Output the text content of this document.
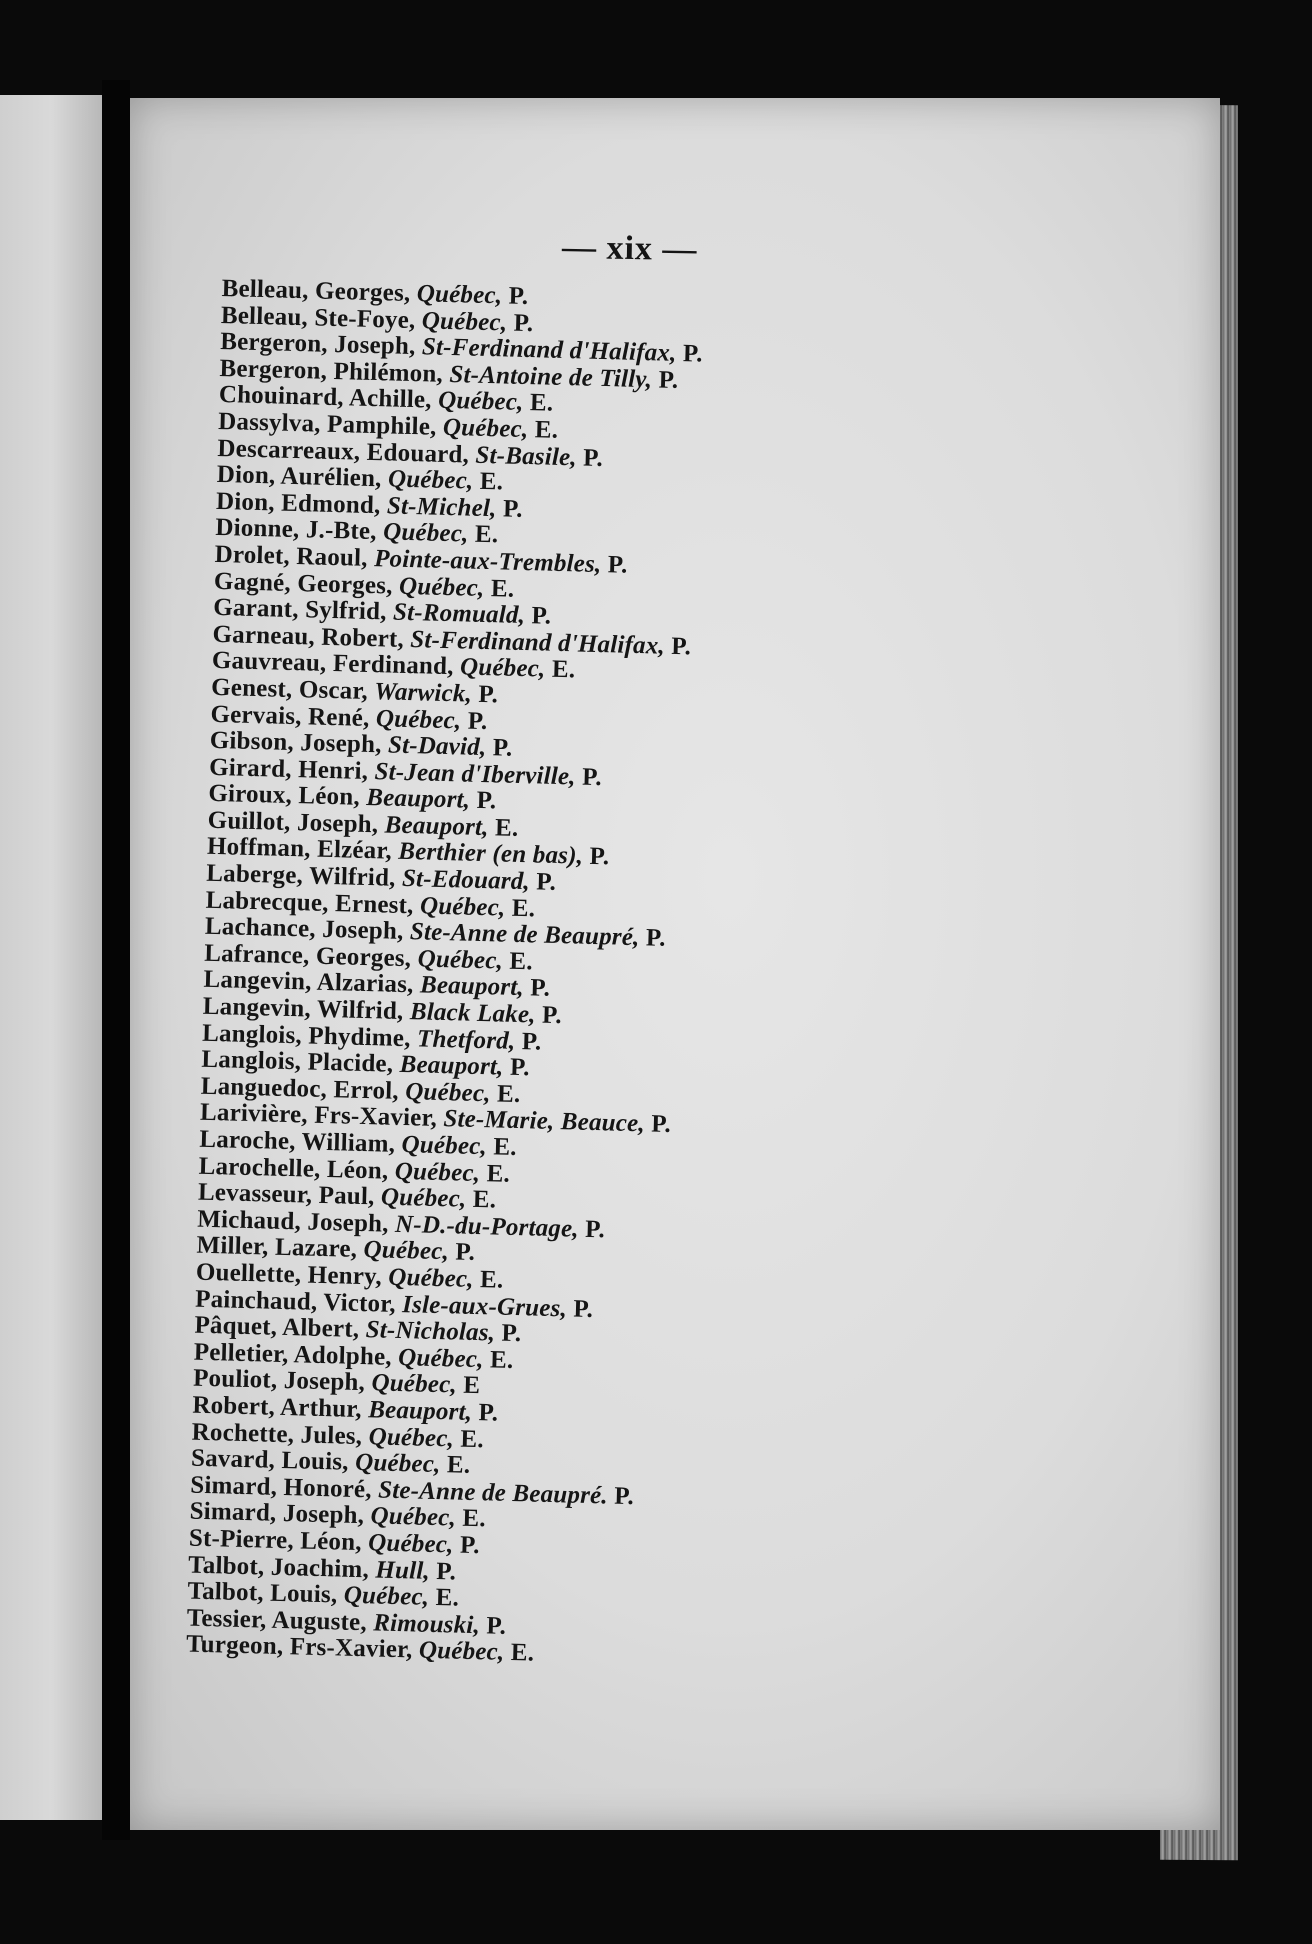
— xix —
Belleau, Georges, Québec, P.
Belleau, Ste-Foye, Québec, P.
Bergeron, Joseph, St-Ferdinand d'Halifax, P.
Bergeron, Philémon, St-Antoine de Tilly, P.
Chouinard, Achille, Québec, E.
Dassylva, Pamphile, Québec, E.
Descarreaux, Edouard, St-Basile, P.
Dion, Aurélien, Québec, E.
Dion, Edmond, St-Michel, P.
Dionne, J.-Bte, Québec, E.
Drolet, Raoul, Pointe-aux-Trembles, P.
Gagné, Georges, Québec, E.
Garant, Sylfrid, St-Romuald, P.
Garneau, Robert, St-Ferdinand d'Halifax, P.
Gauvreau, Ferdinand, Québec, E.
Genest, Oscar, Warwick, P.
Gervais, René, Québec, P.
Gibson, Joseph, St-David, P.
Girard, Henri, St-Jean d'Iberville, P.
Giroux, Léon, Beauport, P.
Guillot, Joseph, Beauport, E.
Hoffman, Elzéar, Berthier (en bas), P.
Laberge, Wilfrid, St-Edouard, P.
Labrecque, Ernest, Québec, E.
Lachance, Joseph, Ste-Anne de Beaupré, P.
Lafrance, Georges, Québec, E.
Langevin, Alzarias, Beauport, P.
Langevin, Wilfrid, Black Lake, P.
Langlois, Phydime, Thetford, P.
Langlois, Placide, Beauport, P.
Languedoc, Errol, Québec, E.
Larivière, Frs-Xavier, Ste-Marie, Beauce, P.
Laroche, William, Québec, E.
Larochelle, Léon, Québec, E.
Levasseur, Paul, Québec, E.
Michaud, Joseph, N-D.-du-Portage, P.
Miller, Lazare, Québec, P.
Ouellette, Henry, Québec, E.
Painchaud, Victor, Isle-aux-Grues, P.
Pâquet, Albert, St-Nicholas, P.
Pelletier, Adolphe, Québec, E.
Pouliot, Joseph, Québec, E
Robert, Arthur, Beauport, P.
Rochette, Jules, Québec, E.
Savard, Louis, Québec, E.
Simard, Honoré, Ste-Anne de Beaupré. P.
Simard, Joseph, Québec, E.
St-Pierre, Léon, Québec, P.
Talbot, Joachim, Hull, P.
Talbot, Louis, Québec, E.
Tessier, Auguste, Rimouski, P.
Turgeon, Frs-Xavier, Québec, E.
